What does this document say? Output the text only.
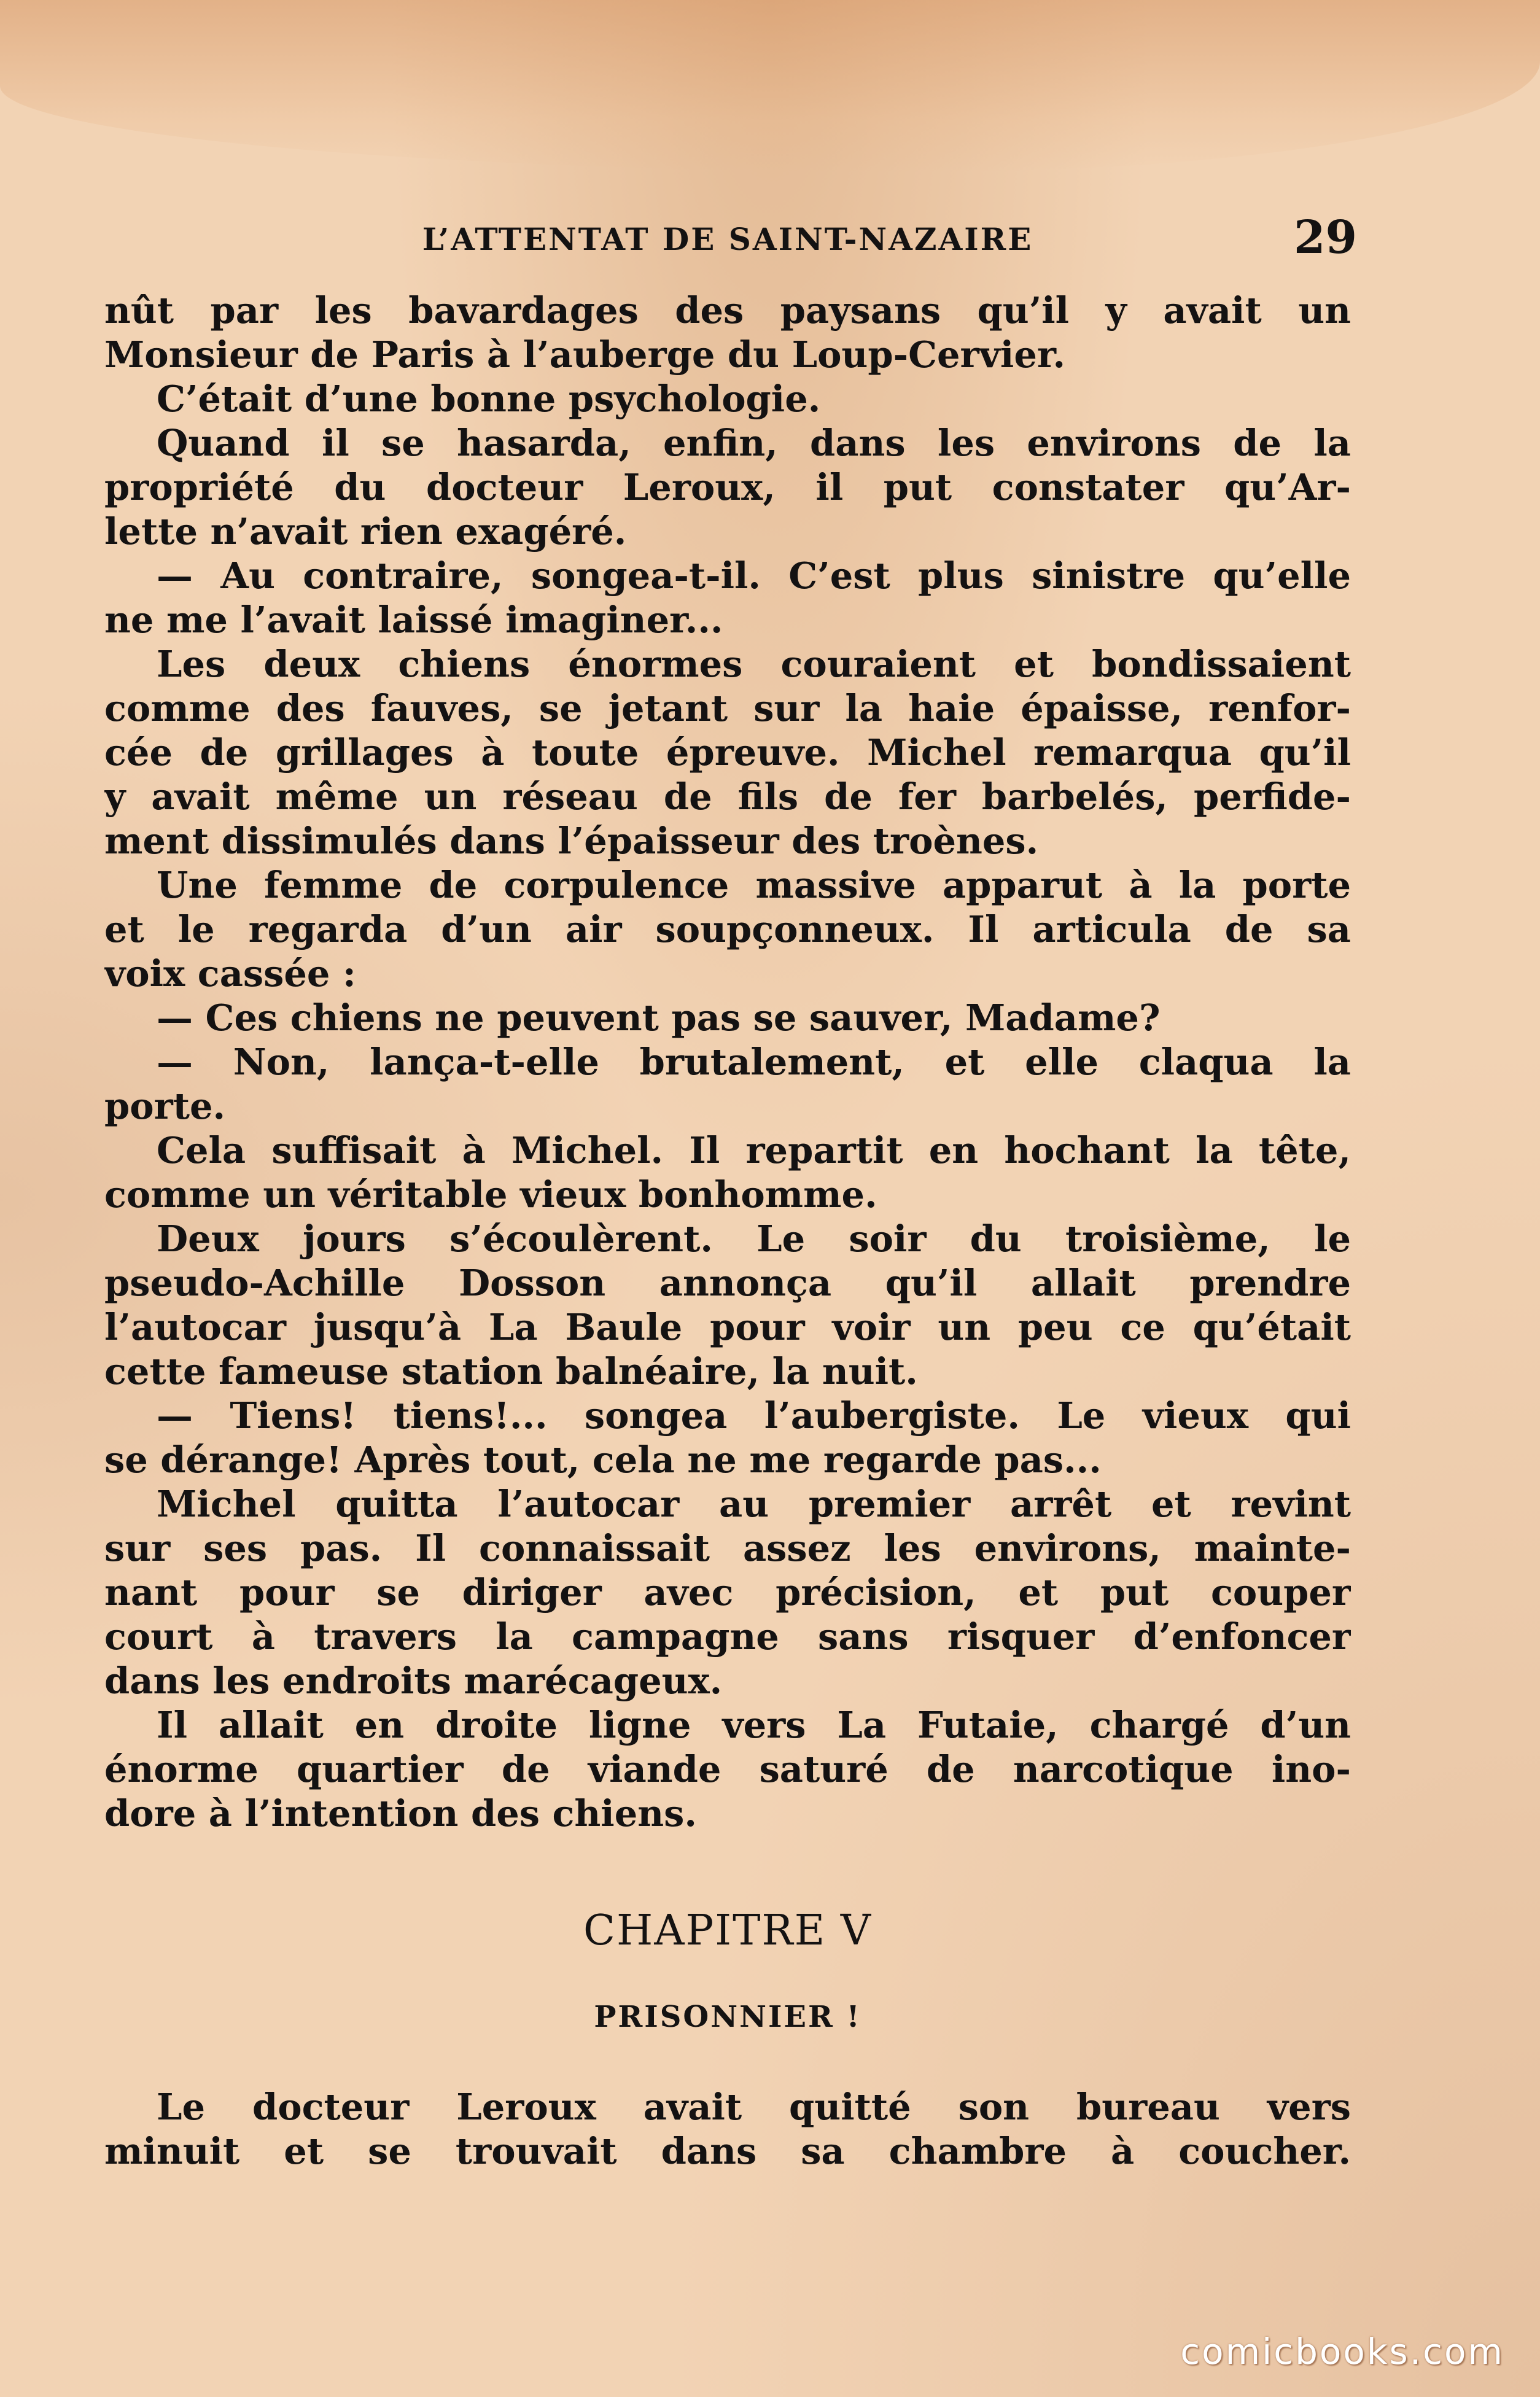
L’ATTENTAT DE SAINT-NAZAIRE	29
nût par les bavardages des paysans qu’il y avait un
Monsieur de Paris à l’auberge du Loup-Cervier.
C’était d’une bonne psychologie.
Quand il se hasarda, enfin, dans les environs de la
propriété du docteur Leroux, il put constater qu’Ar-
lette n’avait rien exagéré.
— Au contraire, songea-t-il. C’est plus sinistre qu’elle
ne me l’avait laissé imaginer...
Les deux chiens énormes couraient et bondissaient
comme des fauves, se jetant sur la haie épaisse, renfor-
cée de grillages à toute épreuve. Michel remarqua qu’il
y avait même un réseau de fils de fer barbelés, perfide-
ment dissimulés dans l’épaisseur des troènes.
Une femme de corpulence massive apparut à la porte
et le regarda d’un air soupçonneux. Il articula de sa
voix cassée :
— Ces chiens ne peuvent pas se sauver, Madame?
— Non, lança-t-elle brutalement, et elle claqua la
porte.
Cela suffisait à Michel. Il repartit en hochant la tête,
comme un véritable vieux bonhomme.
Deux jours s’écoulèrent. Le soir du troisième, le
pseudo-Achille Dosson annonça qu’il allait prendre
l’autocar jusqu’à La Baule pour voir un peu ce qu’était
cette fameuse station balnéaire, la nuit.
— Tiens! tiens!... songea l’aubergiste. Le vieux qui
se dérange! Après tout, cela ne me regarde pas...
Michel quitta l’autocar au premier arrêt et revint
sur ses pas. Il connaissait assez les environs, mainte-
nant pour se diriger avec précision, et put couper
court à travers la campagne sans risquer d’enfoncer
dans les endroits marécageux.
Il allait en droite ligne vers La Futaie, chargé d’un
énorme quartier de viande saturé de narcotique ino-
dore à l’intention des chiens.
CHAPITRE V
PRISONNIER !
Le docteur Leroux avait quitté son bureau vers
minuit et se trouvait dans sa chambre à coucher.
comicbooks.com
